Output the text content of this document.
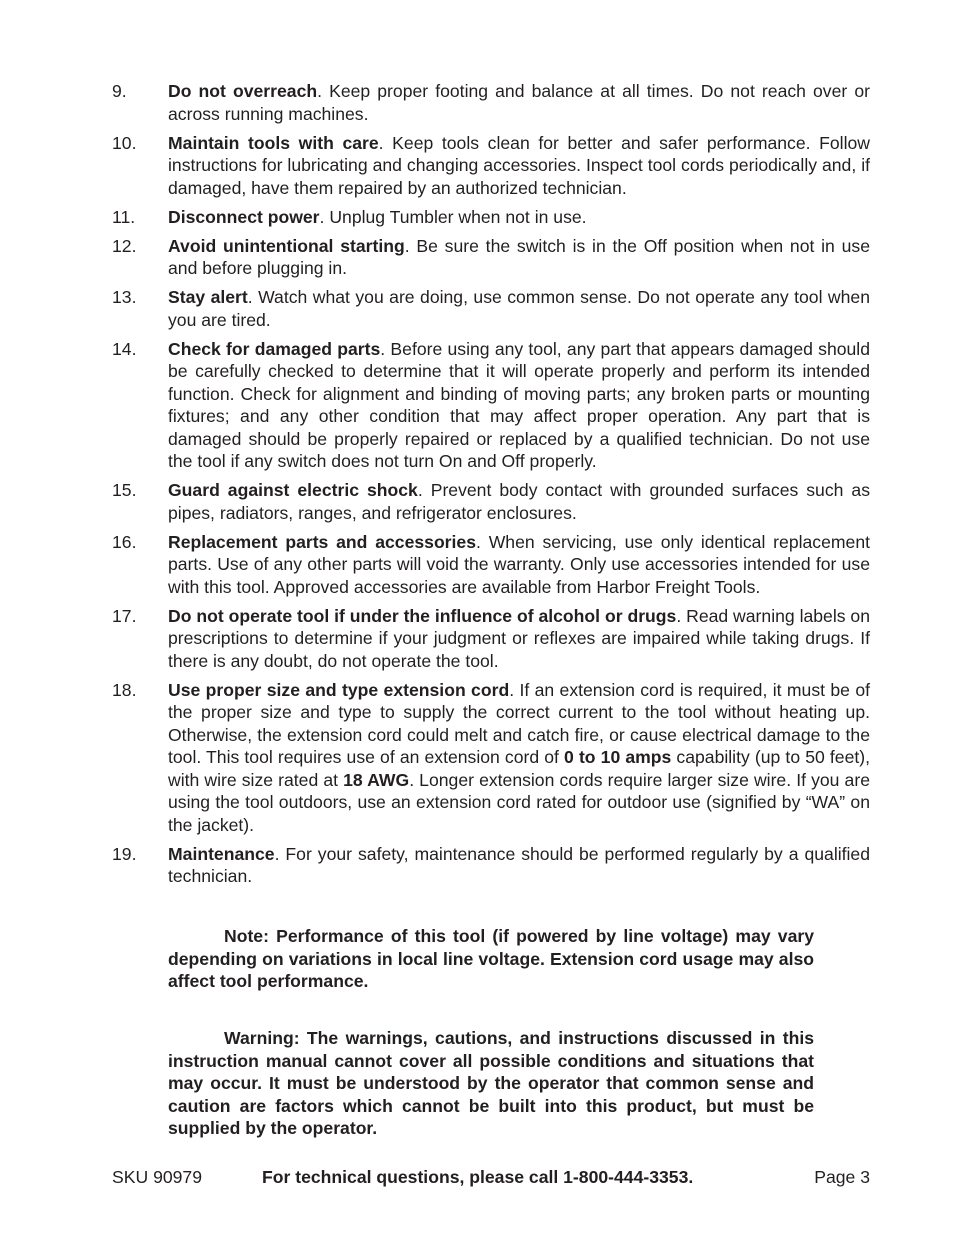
9.	Do not overreach. Keep proper footing and balance at all times. Do not reach over or across running machines.
10.	Maintain tools with care. Keep tools clean for better and safer performance. Follow instructions for lubricating and changing accessories. Inspect tool cords periodically and, if damaged, have them repaired by an authorized technician.
11.	Disconnect power. Unplug Tumbler when not in use.
12.	Avoid unintentional starting. Be sure the switch is in the Off position when not in use and before plugging in.
13.	Stay alert. Watch what you are doing, use common sense. Do not operate any tool when you are tired.
14.	Check for damaged parts. Before using any tool, any part that appears damaged should be carefully checked to determine that it will operate properly and perform its intended function. Check for alignment and binding of moving parts; any broken parts or mounting fixtures; and any other condition that may affect proper operation. Any part that is damaged should be properly repaired or replaced by a qualified technician. Do not use the tool if any switch does not turn On and Off properly.
15.	Guard against electric shock. Prevent body contact with grounded surfaces such as pipes, radiators, ranges, and refrigerator enclosures.
16.	Replacement parts and accessories. When servicing, use only identical replacement parts. Use of any other parts will void the warranty. Only use accessories intended for use with this tool. Approved accessories are available from Harbor Freight Tools.
17.	Do not operate tool if under the influence of alcohol or drugs. Read warning labels on prescriptions to determine if your judgment or reflexes are impaired while taking drugs. If there is any doubt, do not operate the tool.
18.	Use proper size and type extension cord. If an extension cord is required, it must be of the proper size and type to supply the correct current to the tool without heating up. Otherwise, the extension cord could melt and catch fire, or cause electrical damage to the tool. This tool requires use of an extension cord of 0 to 10 amps capability (up to 50 feet), with wire size rated at 18 AWG. Longer extension cords require larger size wire. If you are using the tool outdoors, use an extension cord rated for outdoor use (signified by “WA” on the jacket).
19.	Maintenance. For your safety, maintenance should be performed regularly by a qualified technician.

Note: Performance of this tool (if powered by line voltage) may vary depending on variations in local line voltage. Extension cord usage may also affect tool performance.

Warning: The warnings, cautions, and instructions discussed in this instruction manual cannot cover all possible conditions and situations that may occur. It must be understood by the operator that common sense and caution are factors which cannot be built into this product, but must be supplied by the operator.

SKU 90979	For technical questions, please call 1-800-444-3353.	Page 3
